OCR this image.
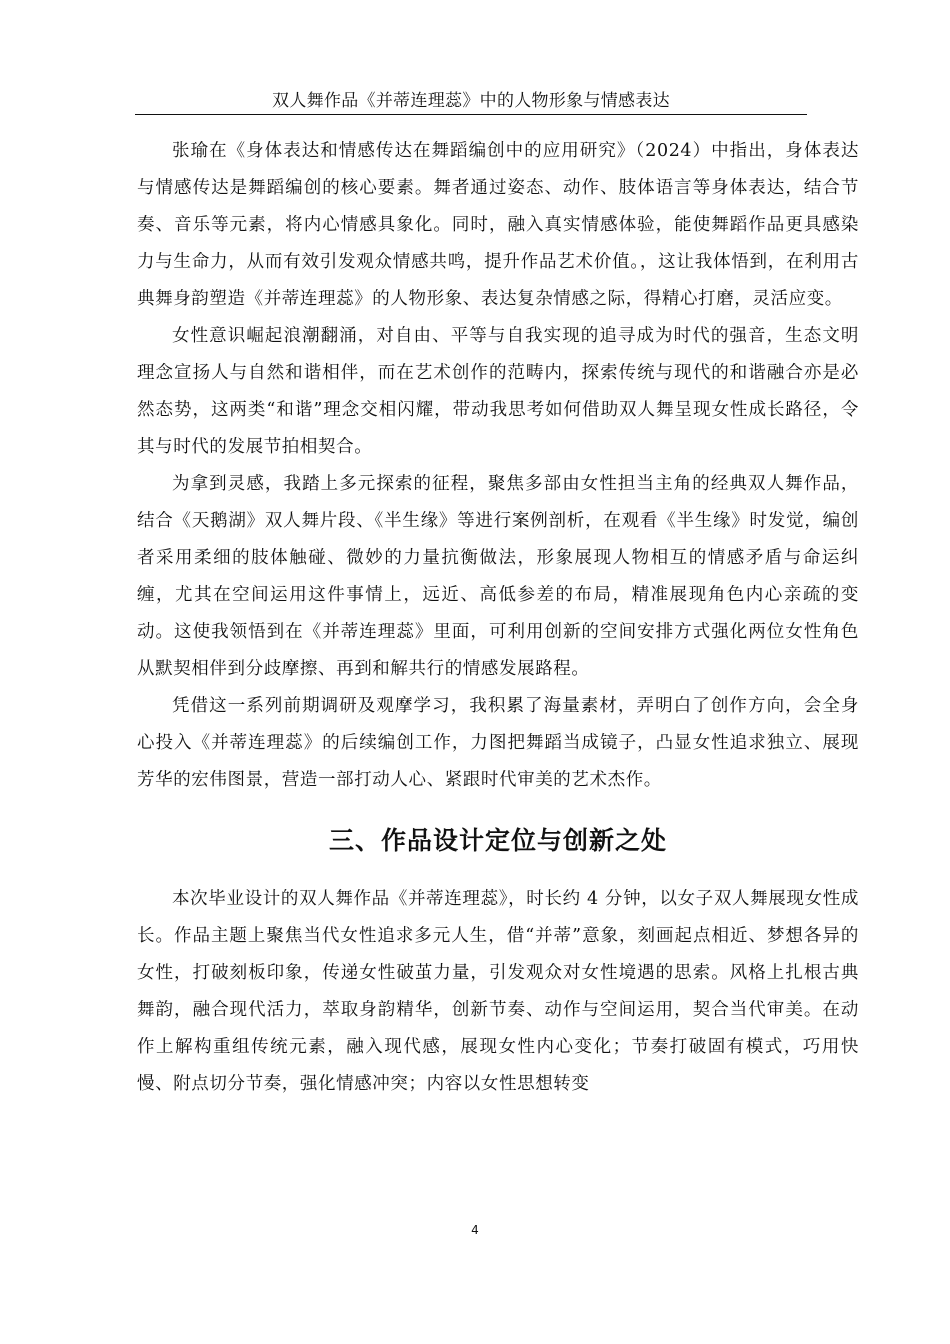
双人舞作品《并蒂连理蕊》中的人物形象与情感表达

张瑜在《身体表达和情感传达在舞蹈编创中的应用研究》（2024）中指出，身体表达与情感传达是舞蹈编创的核心要素。舞者通过姿态、动作、肢体语言等身体表达，结合节奏、音乐等元素，将内心情感具象化。同时，融入真实情感体验，能使舞蹈作品更具感染力与生命力，从而有效引发观众情感共鸣，提升作品艺术价值。，这让我体悟到，在利用古典舞身韵塑造《并蒂连理蕊》的人物形象、表达复杂情感之际，得精心打磨，灵活应变。

女性意识崛起浪潮翻涌，对自由、平等与自我实现的追寻成为时代的强音，生态文明理念宣扬人与自然和谐相伴，而在艺术创作的范畴内，探索传统与现代的和谐融合亦是必然态势，这两类“和谐”理念交相闪耀，带动我思考如何借助双人舞呈现女性成长路径，令其与时代的发展节拍相契合。

为拿到灵感，我踏上多元探索的征程，聚焦多部由女性担当主角的经典双人舞作品，结合《天鹅湖》双人舞片段、《半生缘》等进行案例剖析，在观看《半生缘》时发觉，编创者采用柔细的肢体触碰、微妙的力量抗衡做法，形象展现人物相互的情感矛盾与命运纠缠，尤其在空间运用这件事情上，远近、高低参差的布局，精准展现角色内心亲疏的变动。这使我领悟到在《并蒂连理蕊》里面，可利用创新的空间安排方式强化两位女性角色从默契相伴到分歧摩擦、再到和解共行的情感发展路程。

凭借这一系列前期调研及观摩学习，我积累了海量素材，弄明白了创作方向，会全身心投入《并蒂连理蕊》的后续编创工作，力图把舞蹈当成镜子，凸显女性追求独立、展现芳华的宏伟图景，营造一部打动人心、紧跟时代审美的艺术杰作。

三、作品设计定位与创新之处

本次毕业设计的双人舞作品《并蒂连理蕊》，时长约 4 分钟，以女子双人舞展现女性成长。作品主题上聚焦当代女性追求多元人生，借“并蒂”意象，刻画起点相近、梦想各异的女性，打破刻板印象，传递女性破茧力量，引发观众对女性境遇的思索。风格上扎根古典舞韵，融合现代活力，萃取身韵精华，创新节奏、动作与空间运用，契合当代审美。在动作上解构重组传统元素，融入现代感，展现女性内心变化；节奏打破固有模式，巧用快慢、附点切分节奏，强化情感冲突；内容以女性思想转变

4
